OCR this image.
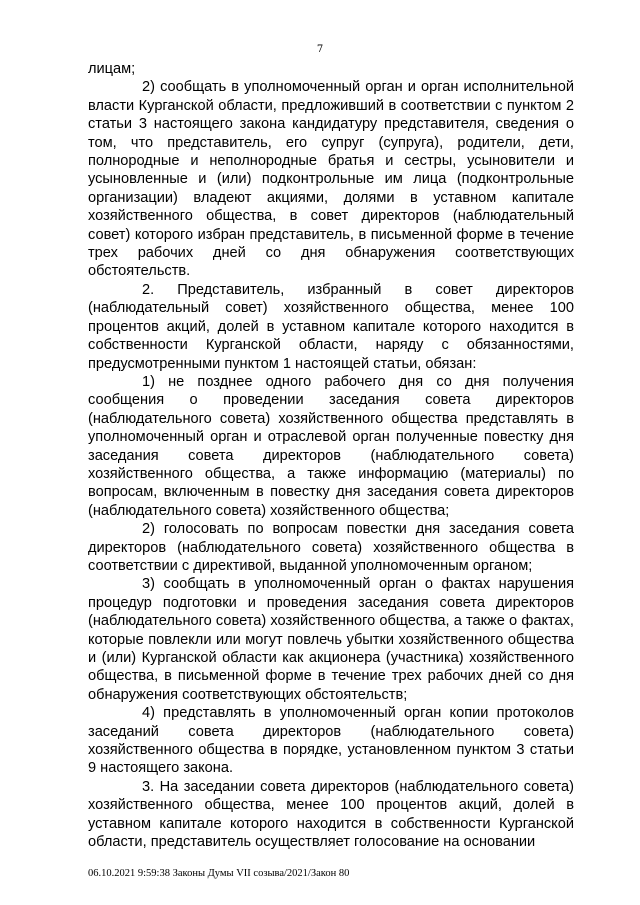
7

лицам;

2) сообщать в уполномоченный орган и орган исполнительной власти Курганской области, предложивший в соответствии с пунктом 2 статьи 3 настоящего закона кандидатуру представителя, сведения о том, что представитель, его супруг (супруга), родители, дети, полнородные и неполнородные братья и сестры, усыновители и усыновленные и (или) подконтрольные им лица (подконтрольные организации) владеют акциями, долями в уставном капитале хозяйственного общества, в совет директоров (наблюдательный совет) которого избран представитель, в письменной форме в течение трех рабочих дней со дня обнаружения соответствующих обстоятельств.

2. Представитель, избранный в совет директоров (наблюдательный совет) хозяйственного общества, менее 100 процентов акций, долей в уставном капитале которого находится в собственности Курганской области, наряду с обязанностями, предусмотренными пунктом 1 настоящей статьи, обязан:

1) не позднее одного рабочего дня со дня получения сообщения о проведении заседания совета директоров (наблюдательного совета) хозяйственного общества представлять в уполномоченный орган и отраслевой орган полученные повестку дня заседания совета директоров (наблюдательного совета) хозяйственного общества, а также информацию (материалы) по вопросам, включенным в повестку дня заседания совета директоров (наблюдательного совета) хозяйственного общества;

2) голосовать по вопросам повестки дня заседания совета директоров (наблюдательного совета) хозяйственного общества в соответствии с директивой, выданной уполномоченным органом;

3) сообщать в уполномоченный орган о фактах нарушения процедур подготовки и проведения заседания совета директоров (наблюдательного совета) хозяйственного общества, а также о фактах, которые повлекли или могут повлечь убытки хозяйственного общества и (или) Курганской области как акционера (участника) хозяйственного общества, в письменной форме в течение трех рабочих дней со дня обнаружения соответствующих обстоятельств;

4) представлять в уполномоченный орган копии протоколов заседаний совета директоров (наблюдательного совета) хозяйственного общества в порядке, установленном пунктом 3 статьи 9 настоящего закона.

3. На заседании совета директоров (наблюдательного совета) хозяйственного общества, менее 100 процентов акций, долей в уставном капитале которого находится в собственности Курганской области, представитель осуществляет голосование на основании

06.10.2021 9:59:38 Законы Думы VII созыва/2021/Закон 80
